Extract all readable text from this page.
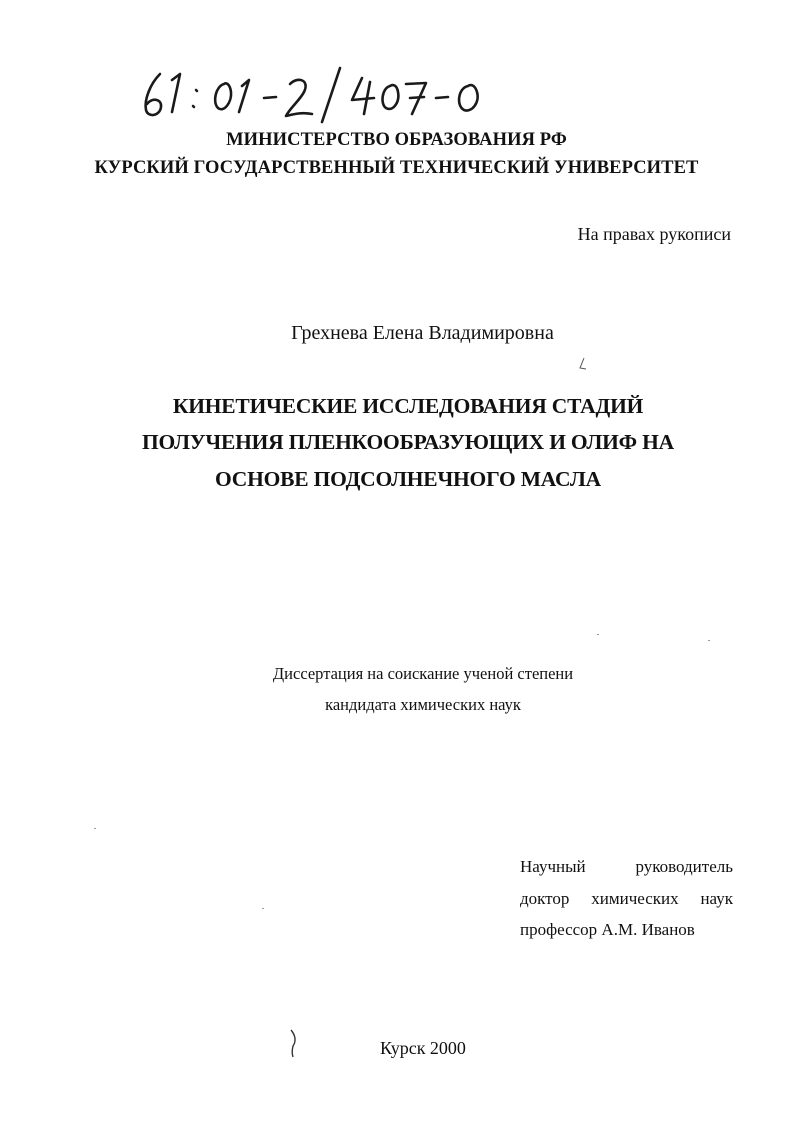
МИНИСТЕРСТВО ОБРАЗОВАНИЯ РФ
КУРСКИЙ ГОСУДАРСТВЕННЫЙ ТЕХНИЧЕСКИЙ УНИВЕРСИТЕТ
На правах рукописи
Грехнева Елена Владимировна
КИНЕТИЧЕСКИЕ ИССЛЕДОВАНИЯ СТАДИЙ
ПОЛУЧЕНИЯ ПЛЕНКООБРАЗУЮЩИХ И ОЛИФ НА
ОСНОВЕ ПОДСОЛНЕЧНОГО МАСЛА
Диссертация на соискание ученой степени
кандидата химических наук
Научный	руководитель
доктор химических наук
профессор А.М. Иванов
Курск 2000
